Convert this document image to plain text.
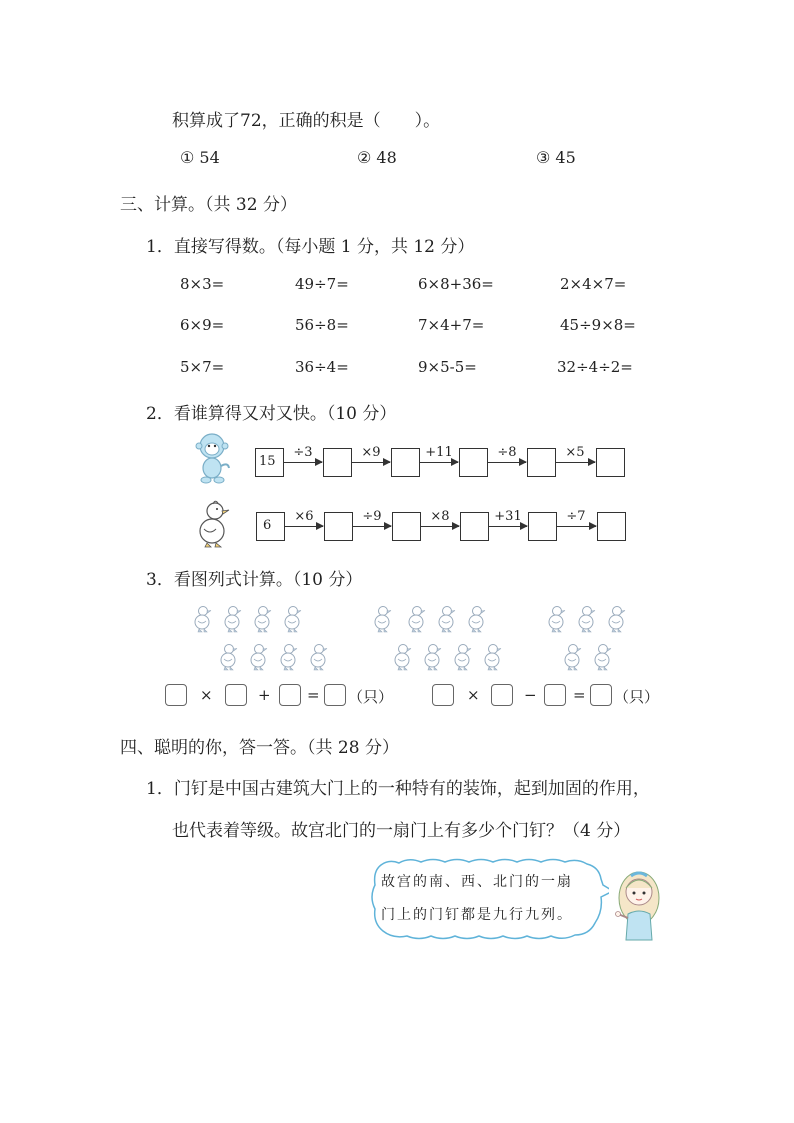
积算成了72，正确的积是（　　）。
① 54	② 48	③ 45
三、计算。（共 32 分）
1．直接写得数。（每小题 1 分，共 12 分）
8×3=	49÷7=	6×8+36=	2×4×7=
6×9=	56÷8=	7×4+7=	45÷9×8=
5×7=	36÷4=	9×5-5=	32÷4÷2=
2．看谁算得又对又快。（10 分）
15
÷3	×9	+11	÷8	×5
6
×6	÷9	×8	+31	÷7
3．看图列式计算。（10 分）
×	+ = （只）	×	− = （只）
四、聪明的你，答一答。（共 28 分）
1．门钉是中国古建筑大门上的一种特有的装饰，起到加固的作用，
也代表着等级。故宫北门的一扇门上有多少个门钉？（4 分）
故宫的南、西、北门的一扇
门上的门钉都是九行九列。
